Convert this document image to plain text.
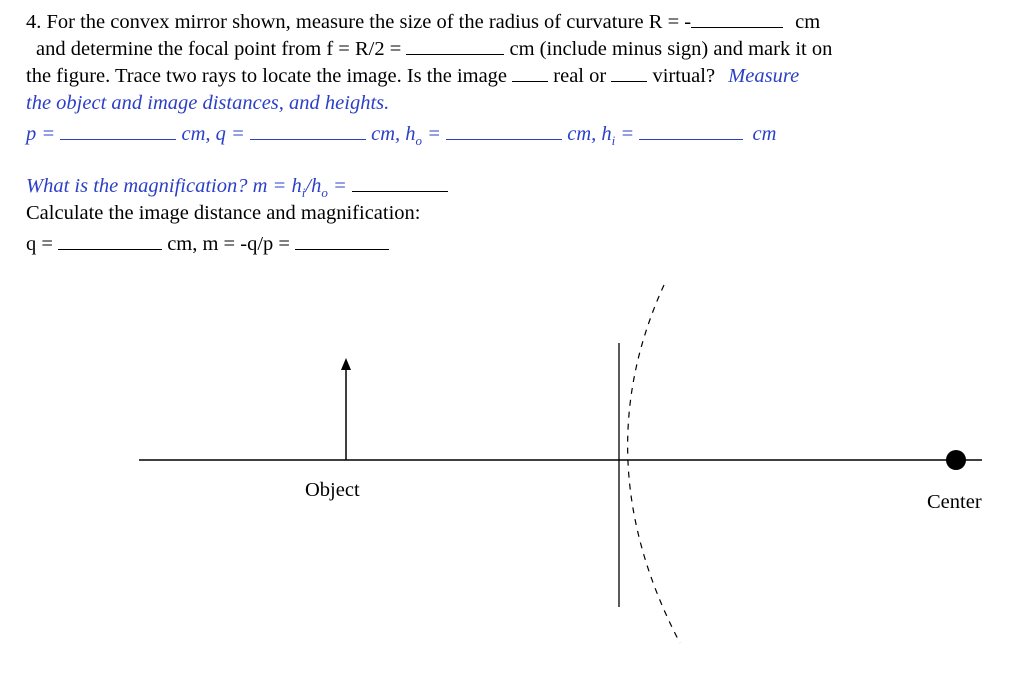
4. For the convex mirror shown, measure the size of the radius of curvature R = -	cm
and determine the focal point from f = R/2 =	cm (include minus sign) and mark it on
the figure. Trace two rays to locate the image. Is the image real or virtual? Measure
the object and image distances, and heights.
p =	cm, q =	cm, $h_o$ =	cm, $h_i$ =	cm
What is the magnification? $m = h_i/h_o$ =
Calculate the image distance and magnification:
q =	cm, m = -q/p =
Object
Center
